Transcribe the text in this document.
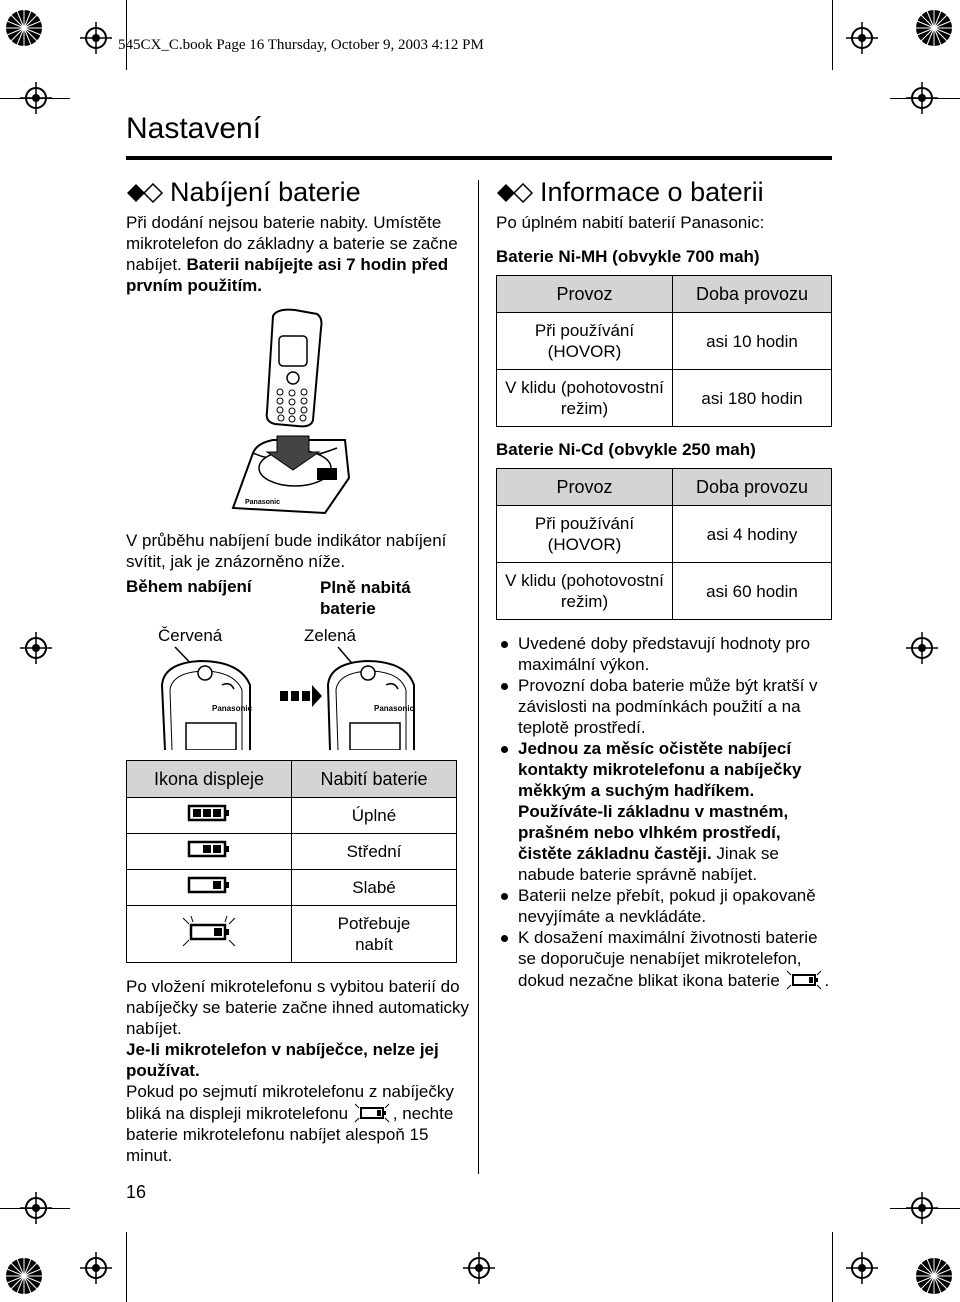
545CX_C.book Page 16 Thursday, October 9, 2003 4:12 PM
Nastavení
Nabíjení baterie
Při dodání nejsou baterie nabity. Umístěte mikrotelefon do základny a baterie se začne nabíjet. Baterii nabíjejte asi 7 hodin před prvním použitím.
Panasonic
V průběhu nabíjení bude indikátor nabíjení svítit, jak je znázorněno níže.
Během nabíjení	Plně nabitá baterie
Červená	Zelená
Panasonic	Panasonic
Ikona displeje	Nabití baterie
	Úplné
	Střední
	Slabé
	Potřebuje nabít
Po vložení mikrotelefonu s vybitou baterií do nabíječky se baterie začne ihned automaticky nabíjet.
Je-li mikrotelefon v nabíječce, nelze jej používat.
Pokud po sejmutí mikrotelefonu z nabíječky bliká na displeji mikrotelefonu	, nechte baterie mikrotelefonu nabíjet alespoň 15 minut.
16
Informace o baterii
Po úplném nabití baterií Panasonic:
Baterie Ni-MH (obvykle 700 mah)
Provoz	Doba provozu
Při používání (HOVOR)	asi 10 hodin
V klidu (pohotovostní režim)	asi 180 hodin
Baterie Ni-Cd (obvykle 250 mah)
Provoz	Doba provozu
Při používání (HOVOR)	asi 4 hodiny
V klidu (pohotovostní režim)	asi 60 hodin
Uvedené doby představují hodnoty pro maximální výkon.
Provozní doba baterie může být kratší v závislosti na podmínkách použití a na teplotě prostředí.
Jednou za měsíc očistěte nabíjecí kontakty mikrotelefonu a nabíječky měkkým a suchým hadříkem. Používáte-li základnu v mastném, prašném nebo vlhkém prostředí, čistěte základnu častěji. Jinak se nabude baterie správně nabíjet.
Baterii nelze přebít, pokud ji opakovaně nevyjímáte a nevkládáte.
K dosažení maximální životnosti baterie se doporučuje nenabíjet mikrotelefon, dokud nezačne blikat ikona baterie	.
